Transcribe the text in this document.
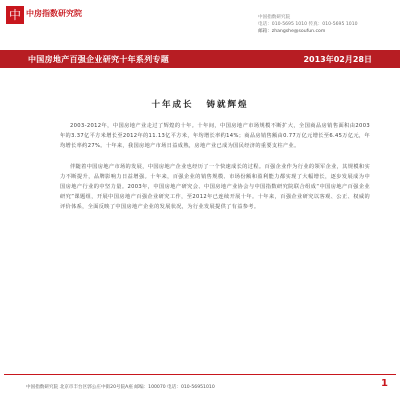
中 中房指数研究院	中国指数研究院
电话：010-5695 1010 传真：010-5695 1010
邮箱：zhangshe@soufun.com
中国房地产百强企业研究十年系列专题	2013年02月28日
十年成长 铸就辉煌

2003-2012年，中国房地产业走过了辉煌的十年。十年间，中国房地产市场规模不断扩大，全国商品房销售面积由2003年的3.37亿平方米增长至2012年的11.13亿平方米，年均增长率约14%；商品房销售额由0.77万亿元增长至6.45万亿元，年均增长率约27%。十年来，我国房地产市场日益成熟，房地产业已成为国民经济的重要支柱产业。

伴随着中国房地产市场的发展，中国房地产企业也经历了一个快速成长的过程。百强企业作为行业的领军企业，其规模和实力不断提升，品牌影响力日益增强。十年来，百强企业的销售规模、市场份额和盈利能力都实现了大幅增长，逐步发展成为中国房地产行业的中坚力量。2003年，中国房地产研究会、中国房地产业协会与中国指数研究院联合组成“中国房地产百强企业研究”课题组，开展中国房地产百强企业研究工作，至2012年已连续开展十年。十年来，百强企业研究以客观、公正、权威的评价体系，全面反映了中国房地产企业的发展状况，为行业发展提供了有益参考。

中国指数研究院 北京市丰台区郭公庄中街20号院A座 邮编：100070 电话：010-56951010	1
